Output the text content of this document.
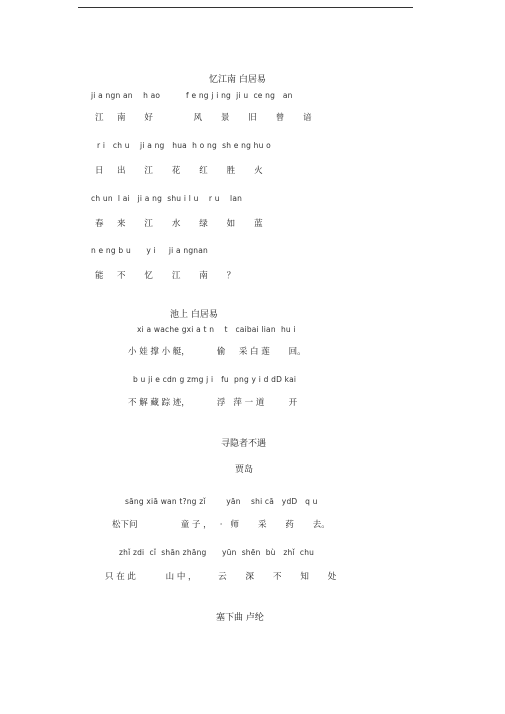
忆江南 白居易
ji a ngn an    h ao          f e ng j i ng  ji u  ce ng   an
江     南       好               风       景       旧       曾       谙
r i   ch u    ji a ng   hua  h o ng  sh e ng hu o
日     出       江       花       红       胜       火
ch un  l ai   ji a ng  shu i l u    r u    lan
春     来       江       水       绿       如       蓝
n e ng b u      y i     ji a ngnan
能     不       忆       江       南       ？
池上 白居易
xi a wache gxi a t n    t   caibai lian  hu i
小 娃 撑 小 艇，          偷     采 白 莲       回。
b u ji e cdn g zmg j i   fu  png y i d dD kai
不 解 藏 踪 迹，          浮   萍 一 道         开
寻隐者不遇
贾岛
sāng xiā wan t?ng zǐ        yān    shi cā   ydD   q u
松下问                童 子 ，   ·   师       采       药       去。
zhǐ zdi  cǐ  shān zhāng      yūn  shēn  bù   zhǐ  chu
只 在 此           山 中 ，        云       深       不       知       处
塞下曲 卢纶
